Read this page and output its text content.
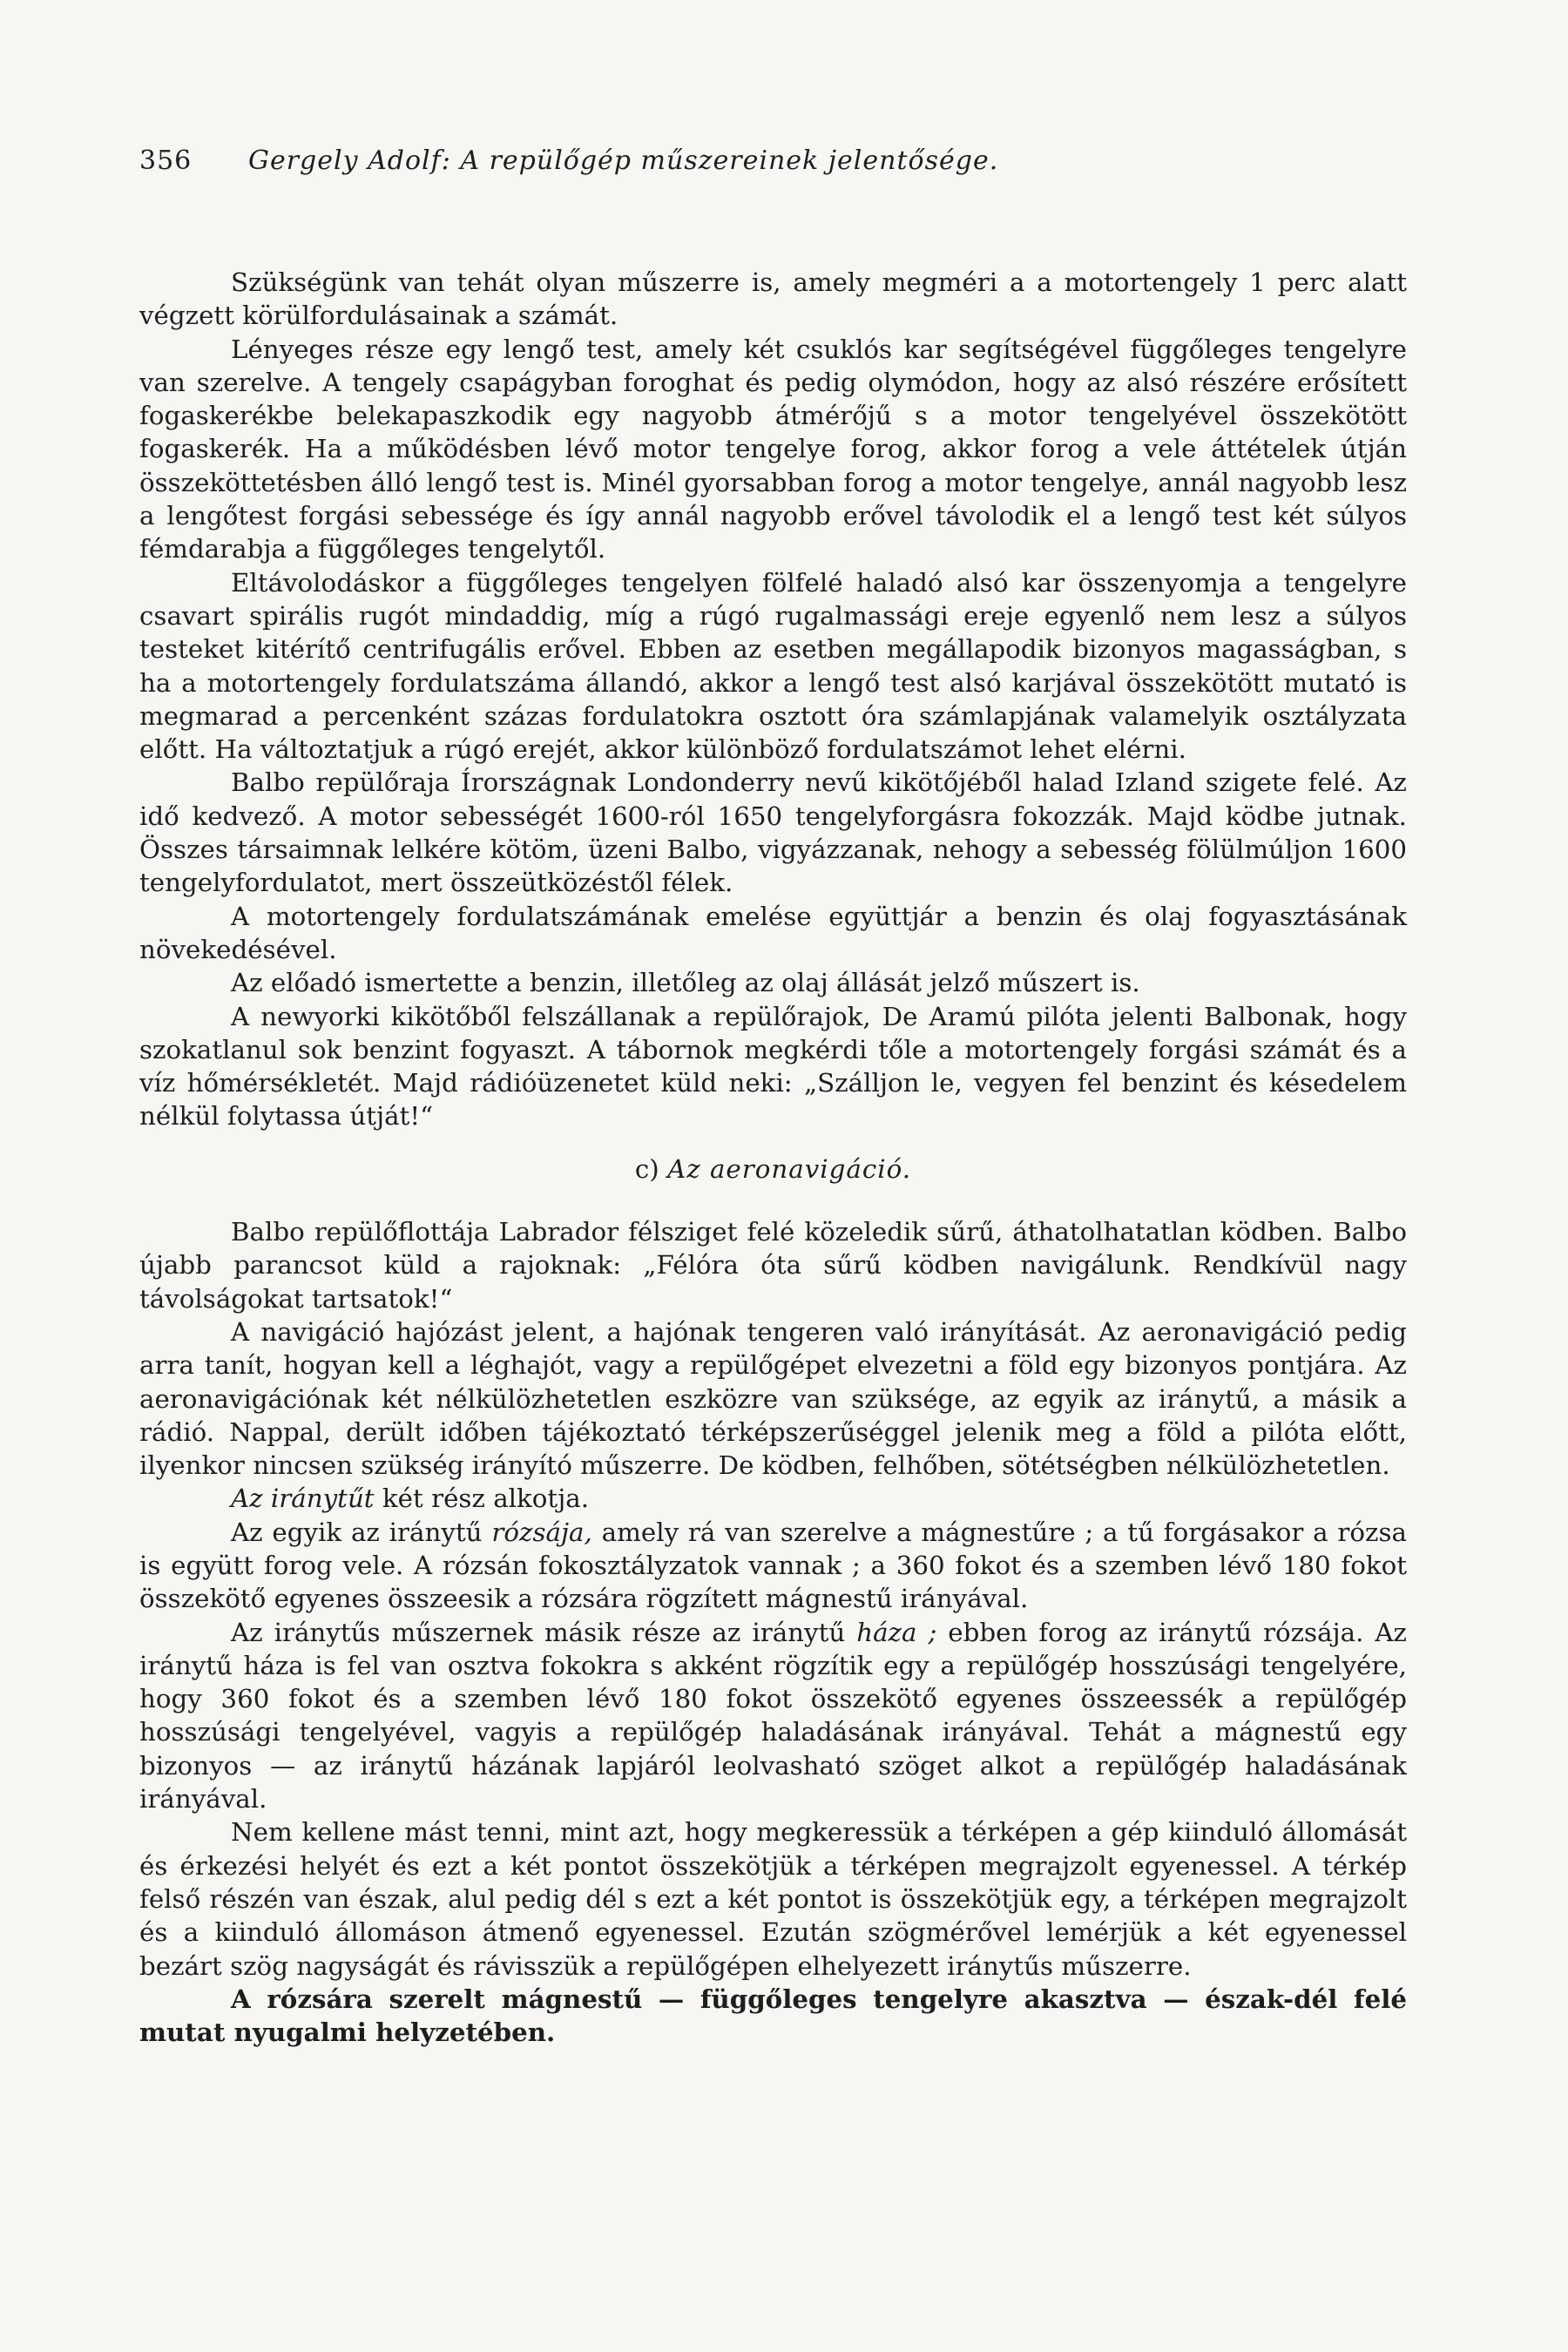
356	Gergely Adolf: A repülőgép műszereinek jelentősége.

Szükségünk van tehát olyan műszerre is, amely megméri a a motortengely 1 perc alatt végzett körülfordulásainak a számát.

Lényeges része egy lengő test, amely két csuklós kar segítségével függőleges tengelyre van szerelve. A tengely csapágyban foroghat és pedig olymódon, hogy az alsó részére erősített fogaskerékbe belekapaszkodik egy nagyobb átmérőjű s a motor tengelyével összekötött fogaskerék. Ha a működésben lévő motor tengelye forog, akkor forog a vele áttételek útján összeköttetésben álló lengő test is. Minél gyorsabban forog a motor tengelye, annál nagyobb lesz a lengőtest forgási sebessége és így annál nagyobb erővel távolodik el a lengő test két súlyos fémdarabja a függőleges tengelytől.

Eltávolodáskor a függőleges tengelyen fölfelé haladó alsó kar összenyomja a tengelyre csavart spirális rugót mindaddig, míg a rúgó rugalmassági ereje egyenlő nem lesz a súlyos testeket kitérítő centrifugális erővel. Ebben az esetben megállapodik bizonyos magasságban, s ha a motortengely fordulatszáma állandó, akkor a lengő test alsó karjával összekötött mutató is megmarad a percenként százas fordulatokra osztott óra számlapjának valamelyik osztályzata előtt. Ha változtatjuk a rúgó erejét, akkor különböző fordulatszámot lehet elérni.

Balbo repülőraja Írországnak Londonderry nevű kikötőjéből halad Izland szigete felé. Az idő kedvező. A motor sebességét 1600-ról 1650 tengelyforgásra fokozzák. Majd ködbe jutnak. Összes társaimnak lelkére kötöm, üzeni Balbo, vigyázzanak, nehogy a sebesség fölülmúljon 1600 tengelyfordulatot, mert összeütközéstől félek.

A motortengely fordulatszámának emelése együttjár a benzin és olaj fogyasztásának növekedésével.

Az előadó ismertette a benzin, illetőleg az olaj állását jelző műszert is.

A newyorki kikötőből felszállanak a repülőrajok, De Aramú pilóta jelenti Balbonak, hogy szokatlanul sok benzint fogyaszt. A tábornok megkérdi tőle a motortengely forgási számát és a víz hőmérsékletét. Majd rádióüzenetet küld neki: „Szálljon le, vegyen fel benzint és késedelem nélkül folytassa útját!“

c) Az aeronavigáció.

Balbo repülőflottája Labrador félsziget felé közeledik sűrű, áthatolhatatlan ködben. Balbo újabb parancsot küld a rajoknak: „Félóra óta sűrű ködben navigálunk. Rendkívül nagy távolságokat tartsatok!“

A navigáció hajózást jelent, a hajónak tengeren való irányítását. Az aeronavigáció pedig arra tanít, hogyan kell a léghajót, vagy a repülőgépet elvezetni a föld egy bizonyos pontjára. Az aeronavigációnak két nélkülözhetetlen eszközre van szüksége, az egyik az iránytű, a másik a rádió. Nappal, derült időben tájékoztató térképszerűséggel jelenik meg a föld a pilóta előtt, ilyenkor nincsen szükség irányító műszerre. De ködben, felhőben, sötétségben nélkülözhetetlen.

Az iránytűt két rész alkotja.

Az egyik az iránytű rózsája, amely rá van szerelve a mágnestűre ; a tű forgásakor a rózsa is együtt forog vele. A rózsán fokosztályzatok vannak ; a 360 fokot és a szemben lévő 180 fokot összekötő egyenes összeesik a rózsára rögzített mágnestű irányával.

Az iránytűs műszernek másik része az iránytű háza ; ebben forog az iránytű rózsája. Az iránytű háza is fel van osztva fokokra s akként rögzítik egy a repülőgép hosszúsági tengelyére, hogy 360 fokot és a szemben lévő 180 fokot összekötő egyenes összeessék a repülőgép hosszúsági tengelyével, vagyis a repülőgép haladásának irányával. Tehát a mágnestű egy bizonyos — az iránytű házának lapjáról leolvasható szöget alkot a repülőgép haladásának irányával.

Nem kellene mást tenni, mint azt, hogy megkeressük a térképen a gép kiinduló állomását és érkezési helyét és ezt a két pontot összekötjük a térképen megrajzolt egyenessel. A térkép felső részén van észak, alul pedig dél s ezt a két pontot is összekötjük egy, a térképen megrajzolt és a kiinduló állomáson átmenő egyenessel. Ezután szögmérővel lemérjük a két egyenessel bezárt szög nagyságát és rávisszük a repülőgépen elhelyezett iránytűs műszerre.

A rózsára szerelt mágnestű — függőleges tengelyre akasztva — észak-dél felé mutat nyugalmi helyzetében.
